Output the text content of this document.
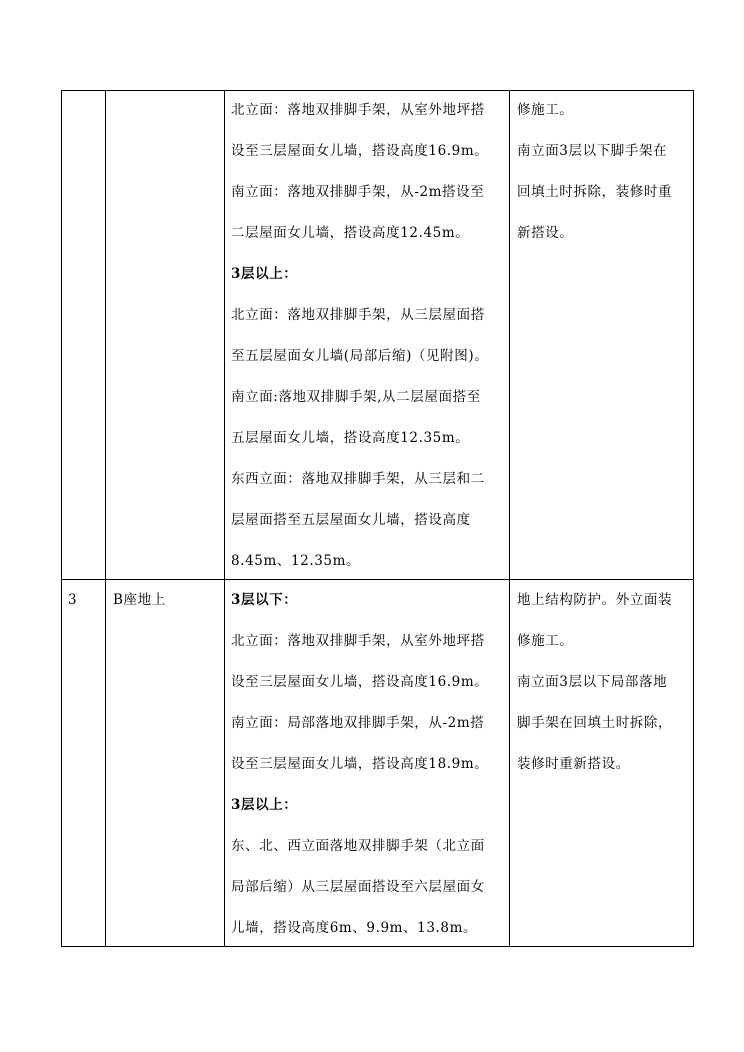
北立面：落地双排脚手架，从室外地坪搭
设至三层屋面女儿墙，搭设高度16.9m。
南立面：落地双排脚手架，从-2m搭设至
二层屋面女儿墙，搭设高度12.45m。
3层以上：
北立面：落地双排脚手架，从三层屋面搭
至五层屋面女儿墙(局部后缩)（见附图)。
南立面:落地双排脚手架,从二层屋面搭至
五层屋面女儿墙，搭设高度12.35m。
东西立面：落地双排脚手架，从三层和二
层屋面搭至五层屋面女儿墙，搭设高度
8.45m、12.35m。
修施工。
南立面3层以下脚手架在
回填土时拆除，装修时重
新搭设。
3	B座地上	3层以下：
北立面：落地双排脚手架，从室外地坪搭
设至三层屋面女儿墙，搭设高度16.9m。
南立面：局部落地双排脚手架，从-2m搭
设至三层屋面女儿墙，搭设高度18.9m。
3层以上：
东、北、西立面落地双排脚手架（北立面
局部后缩）从三层屋面搭设至六层屋面女
儿墙，搭设高度6m、9.9m、13.8m。
地上结构防护。外立面装
修施工。
南立面3层以下局部落地
脚手架在回填土时拆除，
装修时重新搭设。
